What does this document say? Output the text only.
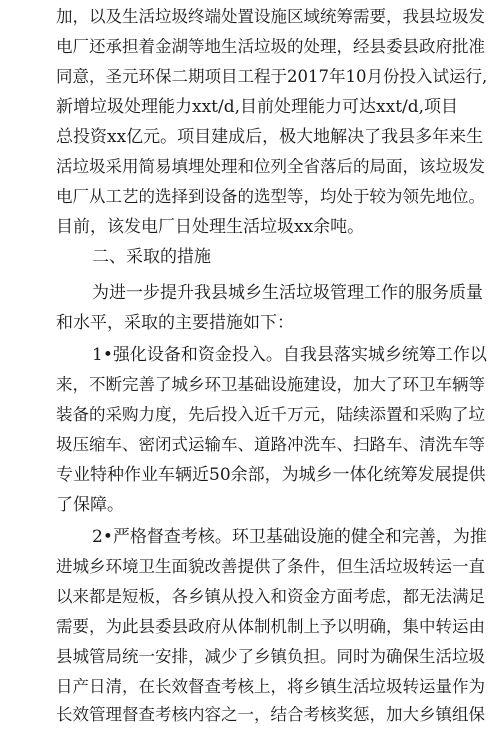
加，以及生活垃圾终端处置设施区域统筹需要，我县垃圾发
电厂还承担着金湖等地生活垃圾的处理，经县委县政府批准
同意，圣元环保二期项目工程于2017年10月份投入试运行,
新增垃圾处理能力xxt/d,目前处理能力可达xxt/d,项目
总投资xx亿元。项目建成后，极大地解决了我县多年来生
活垃圾采用简易填埋处理和位列全省落后的局面，该垃圾发
电厂从工艺的选择到设备的选型等，均处于较为领先地位。
目前，该发电厂日处理生活垃圾xx余吨。
二、采取的措施
为进一步提升我县城乡生活垃圾管理工作的服务质量
和水平，采取的主要措施如下：
1•强化设备和资金投入。自我县落实城乡统筹工作以
来，不断完善了城乡环卫基础设施建设，加大了环卫车辆等
装备的采购力度，先后投入近千万元，陆续添置和采购了垃
圾压缩车、密闭式运输车、道路冲洗车、扫路车、清洗车等
专业特种作业车辆近50余部，为城乡一体化统筹发展提供
了保障。
2•严格督查考核。环卫基础设施的健全和完善，为推
进城乡环境卫生面貌改善提供了条件，但生活垃圾转运一直
以来都是短板，各乡镇从投入和资金方面考虑，都无法满足
需要，为此县委县政府从体制机制上予以明确，集中转运由
县城管局统一安排，减少了乡镇负担。同时为确保生活垃圾
日产日清，在长效督查考核上，将乡镇生活垃圾转运量作为
长效管理督查考核内容之一，结合考核奖惩，加大乡镇组保
